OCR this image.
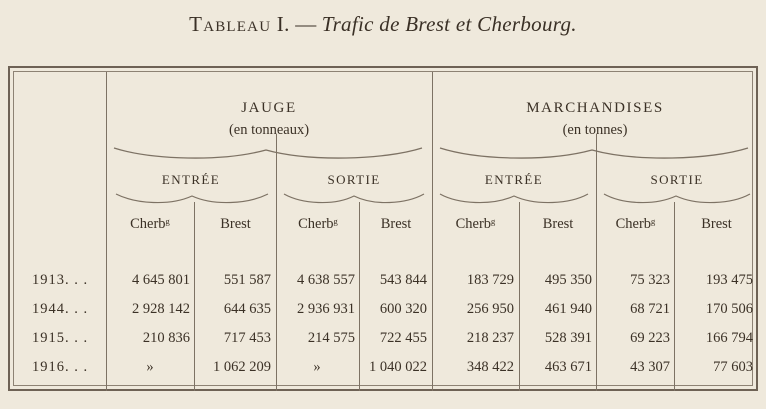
Tableau I. — Trafic de Brest et Cherbourg.
JAUGE
(en tonneaux)
MARCHANDISES
(en tonnes)
ENTRÉE	SORTIE	ENTRÉE	SORTIE
Cherbᵍ	Brest	Cherbᵍ	Brest	Cherbᵍ	Brest	Cherbᵍ	Brest
1913. . .	4 645 801	551 587	4 638 557	543 844	183 729	495 350	75 323	193 475
1944. . .	2 928 142	644 635	2 936 931	600 320	256 950	461 940	68 721	170 506
1915. . .	210 836	717 453	214 575	722 455	218 237	528 391	69 223	166 794
1916. . .	»	1 062 209	»	1 040 022	348 422	463 671	43 307	77 603
